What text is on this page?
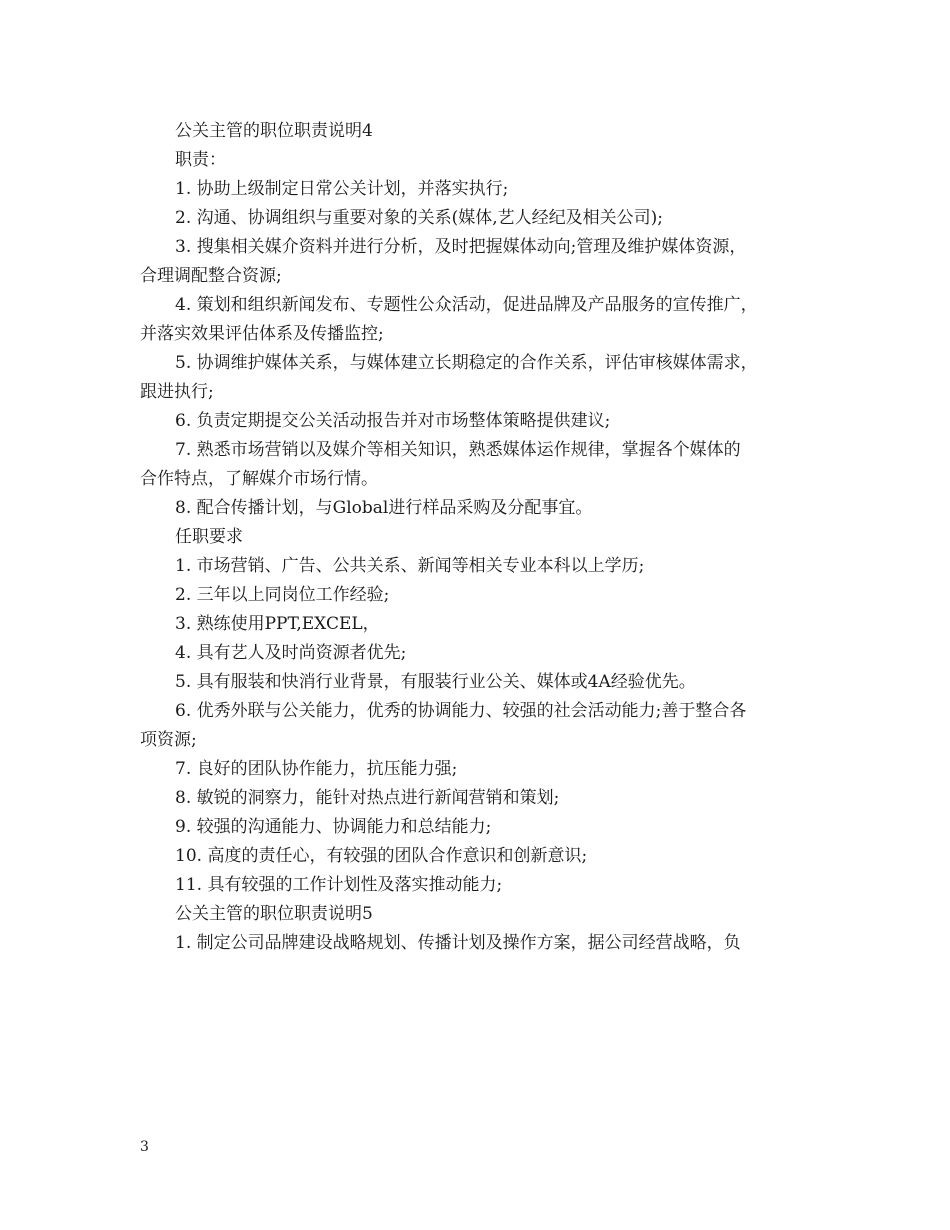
公关主管的职位职责说明4
职责：
1. 协助上级制定日常公关计划，并落实执行;
2. 沟通、协调组织与重要对象的关系(媒体,艺人经纪及相关公司);
3. 搜集相关媒介资料并进行分析，及时把握媒体动向;管理及维护媒体资源，
合理调配整合资源;
4. 策划和组织新闻发布、专题性公众活动，促进品牌及产品服务的宣传推广，
并落实效果评估体系及传播监控;
5. 协调维护媒体关系，与媒体建立长期稳定的合作关系，评估审核媒体需求，
跟进执行;
6. 负责定期提交公关活动报告并对市场整体策略提供建议;
7. 熟悉市场营销以及媒介等相关知识，熟悉媒体运作规律，掌握各个媒体的
合作特点，了解媒介市场行情。
8. 配合传播计划，与Global进行样品采购及分配事宜。
任职要求
1. 市场营销、广告、公共关系、新闻等相关专业本科以上学历;
2. 三年以上同岗位工作经验;
3. 熟练使用PPT,EXCEL，
4. 具有艺人及时尚资源者优先;
5. 具有服装和快消行业背景，有服装行业公关、媒体或4A经验优先。
6. 优秀外联与公关能力，优秀的协调能力、较强的社会活动能力;善于整合各
项资源;
7. 良好的团队协作能力，抗压能力强;
8. 敏锐的洞察力，能针对热点进行新闻营销和策划;
9. 较强的沟通能力、协调能力和总结能力;
10. 高度的责任心，有较强的团队合作意识和创新意识;
11. 具有较强的工作计划性及落实推动能力;
公关主管的职位职责说明5
1. 制定公司品牌建设战略规划、传播计划及操作方案，据公司经营战略，负
3
